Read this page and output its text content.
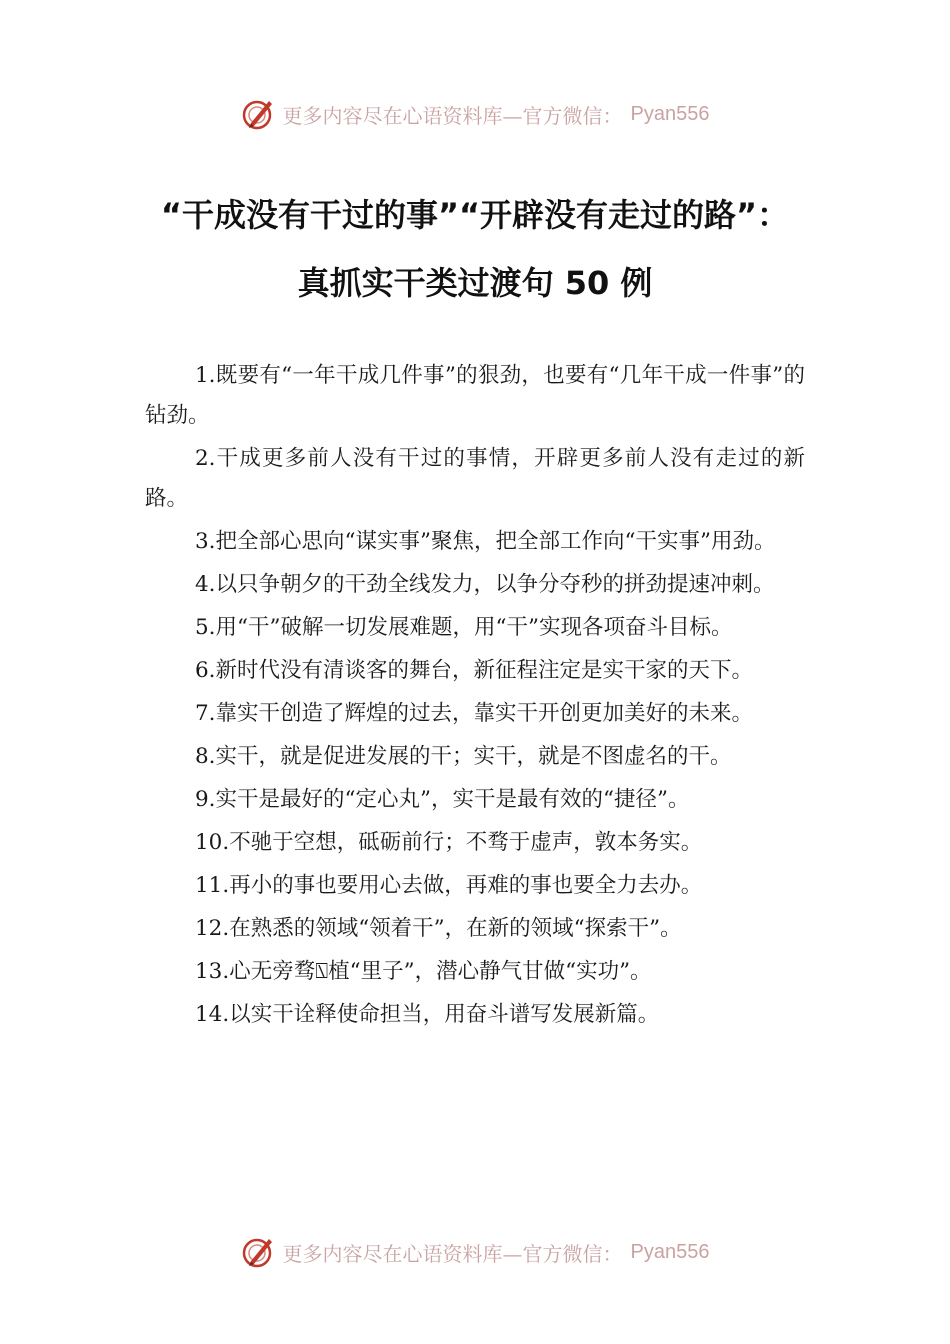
更多内容尽在心语资料库—官方微信： Pyan556
“干成没有干过的事”“开辟没有走过的路”：
真抓实干类过渡句 50 例

1.既要有“一年干成几件事”的狠劲，也要有“几年干成一件事”的钻劲。

2.干成更多前人没有干过的事情，开辟更多前人没有走过的新路。

3.把全部心思向“谋实事”聚焦，把全部工作向“干实事”用劲。

4.以只争朝夕的干劲全线发力，以争分夺秒的拼劲提速冲刺。

5.用“干”破解一切发展难题，用“干”实现各项奋斗目标。

6.新时代没有清谈客的舞台，新征程注定是实干家的天下。

7.靠实干创造了辉煌的过去，靠实干开创更加美好的未来。

8.实干，就是促进发展的干；实干，就是不图虚名的干。

9.实干是最好的“定心丸”，实干是最有效的“捷径”。

10.不驰于空想，砥砺前行；不骛于虚声，敦本务实。

11.再小的事也要用心去做，再难的事也要全力去办。

12.在熟悉的领域“领着干”，在新的领域“探索干”。

13.心无旁骛⍂植“里子”，潜心静气甘做“实功”。

14.以实干诠释使命担当，用奋斗谱写发展新篇。

更多内容尽在心语资料库—官方微信： Pyan556
